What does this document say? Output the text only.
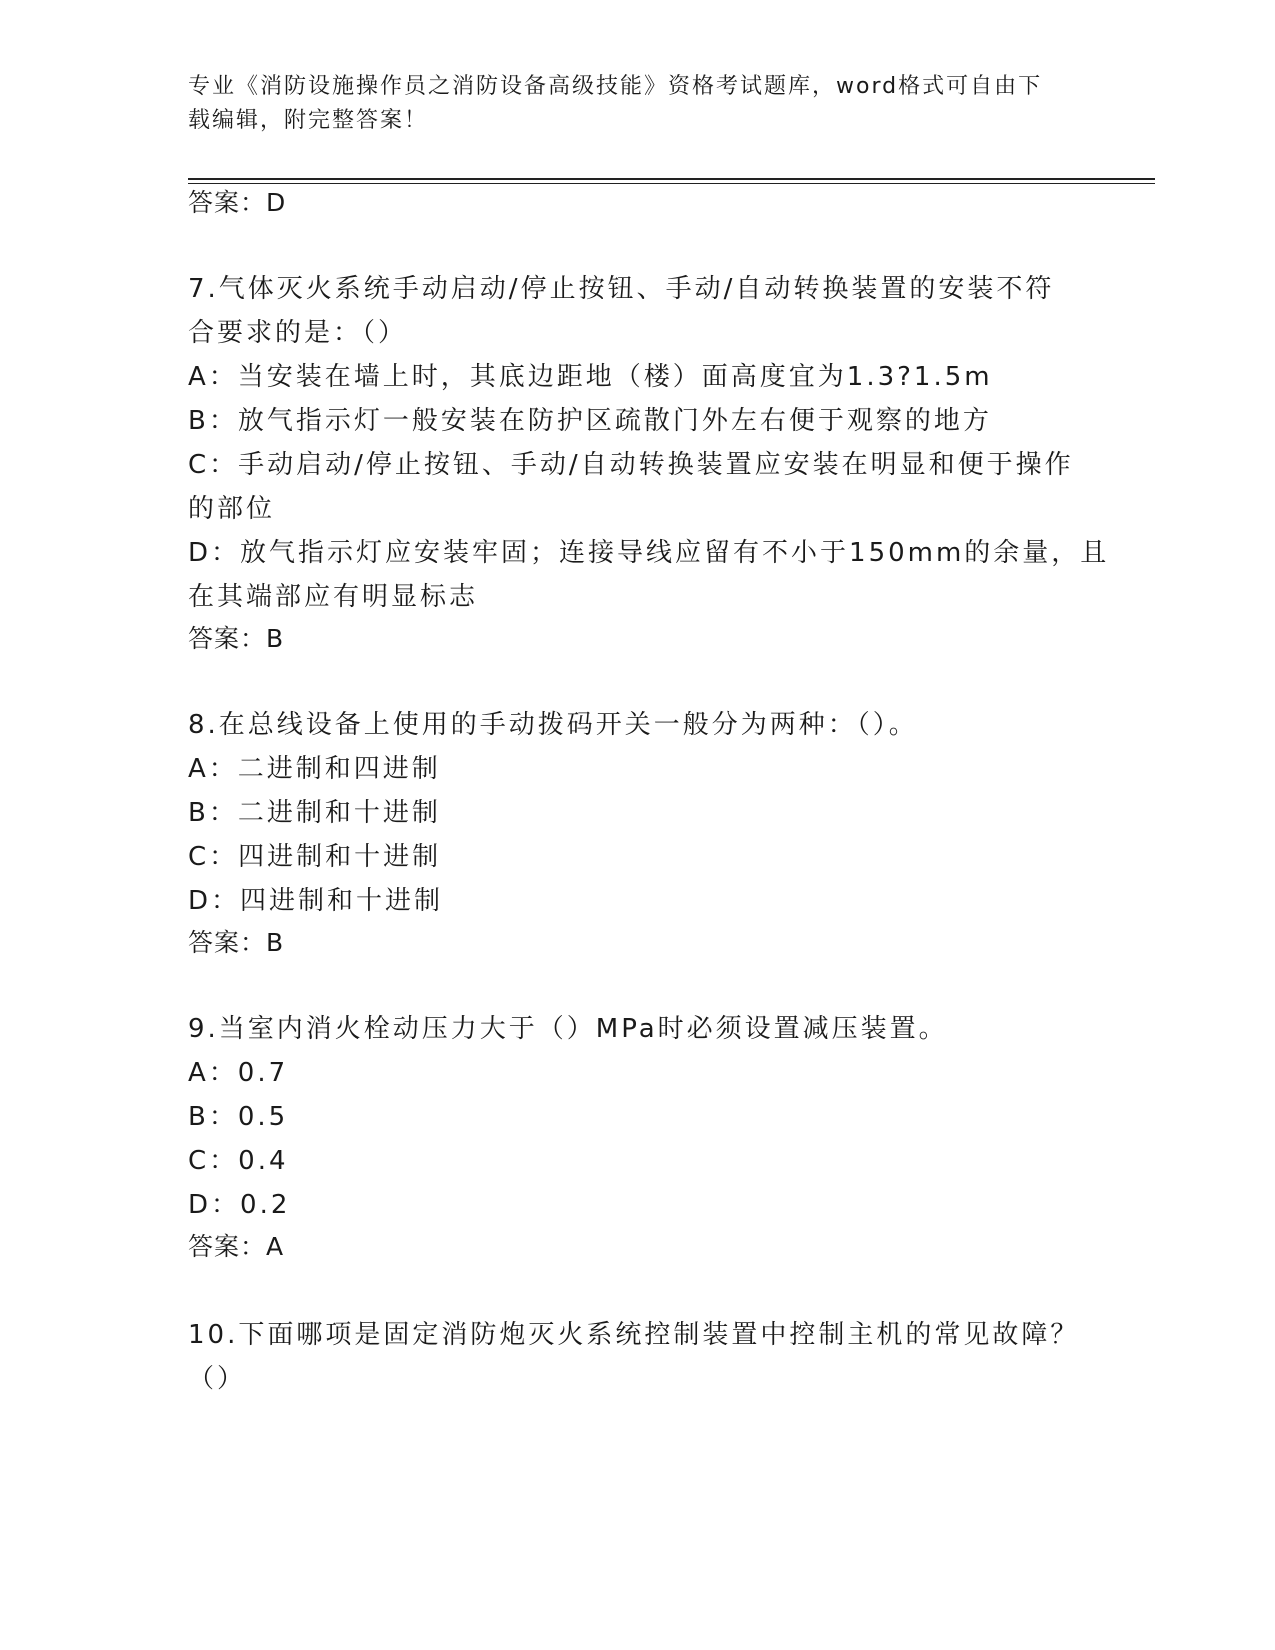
专业《消防设施操作员之消防设备高级技能》资格考试题库，word格式可自由下
载编辑，附完整答案！
答案：D
7.气体灭火系统手动启动/停止按钮、手动/自动转换装置的安装不符
合要求的是：（）
A：当安装在墙上时，其底边距地（楼）面高度宜为1.3?1.5m
B：放气指示灯一般安装在防护区疏散门外左右便于观察的地方
C：手动启动/停止按钮、手动/自动转换装置应安装在明显和便于操作
的部位
D：放气指示灯应安装牢固；连接导线应留有不小于150mm的余量，且
在其端部应有明显标志
答案：B
8.在总线设备上使用的手动拨码开关一般分为两种：（）。
A：二进制和四进制
B：二进制和十进制
C：四进制和十进制
D：四进制和十进制
答案：B
9.当室内消火栓动压力大于（）MPa时必须设置减压装置。
A：0.7
B：0.5
C：0.4
D：0.2
答案：A
10.下面哪项是固定消防炮灭火系统控制装置中控制主机的常见故障？
（）
